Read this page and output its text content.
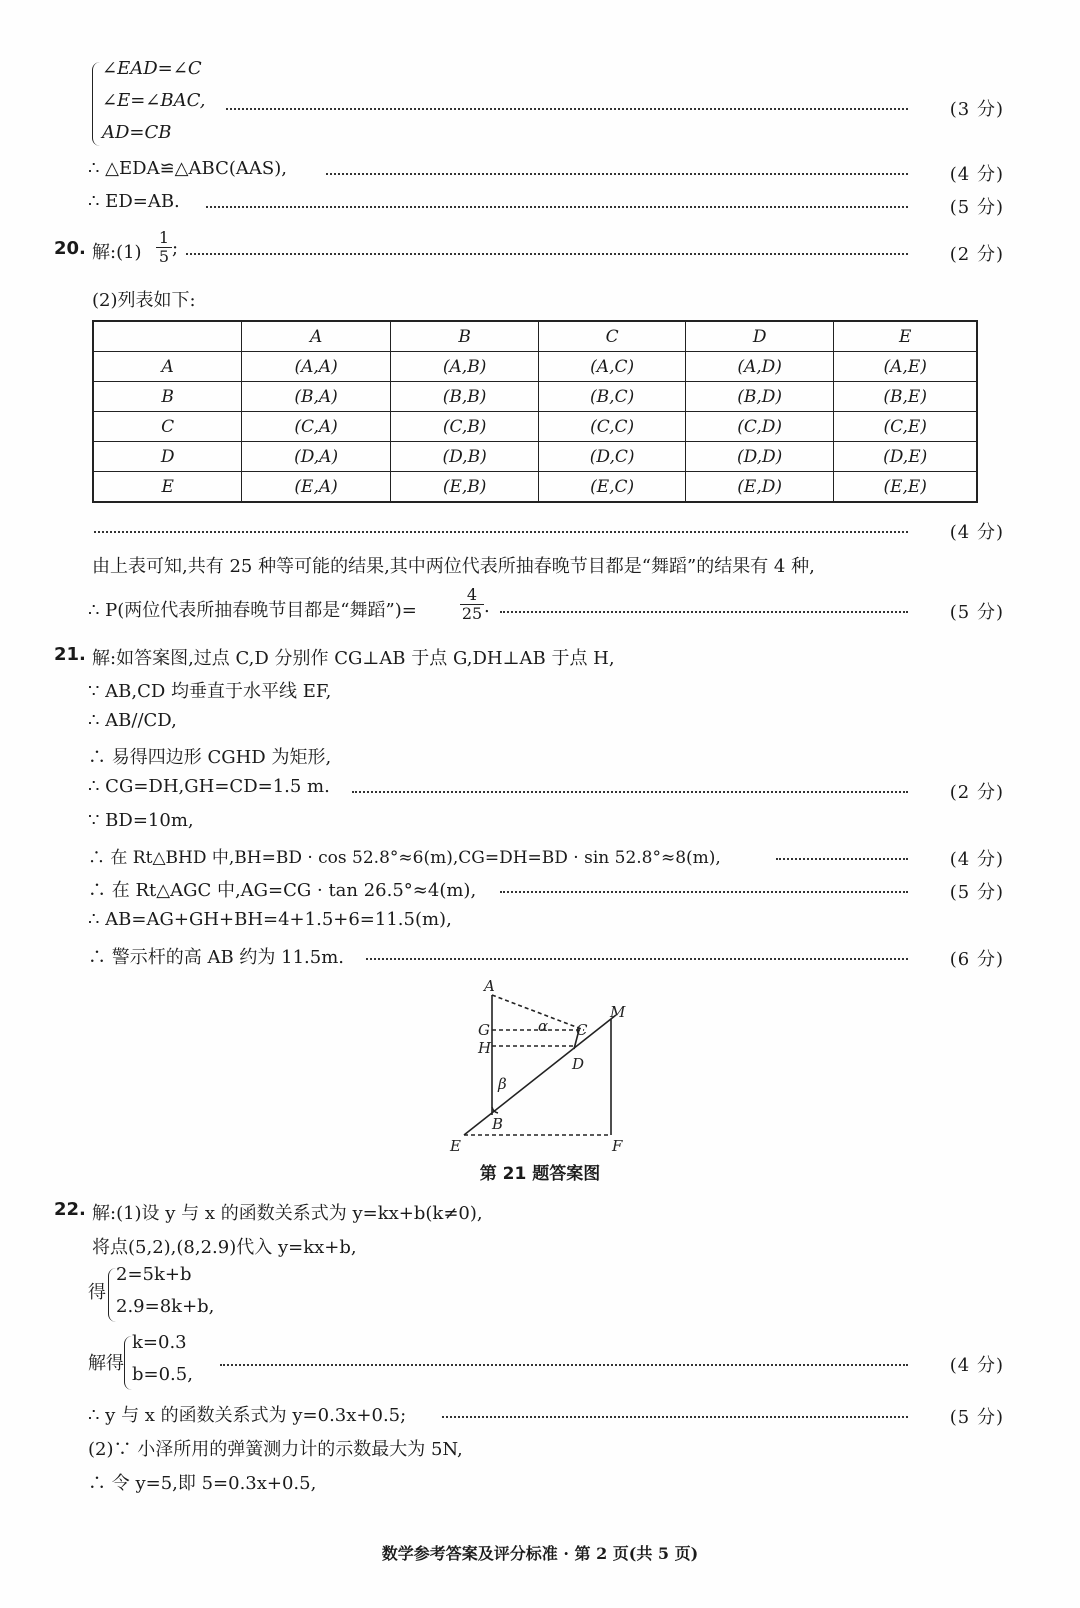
∠EAD=∠C
∠E=∠BAC,
AD=CB
(3 分)
∴ △EDA≌△ABC(AAS),	(4 分)
∴ ED=AB.	(5 分)
20. 解:(1) ;	(2 分)
1
5
(2)列表如下:
	A	B	C	D	E
A	(A,A)	(A,B)	(A,C)	(A,D)	(A,E)
B	(B,A)	(B,B)	(B,C)	(B,D)	(B,E)
C	(C,A)	(C,B)	(C,C)	(C,D)	(C,E)
D	(D,A)	(D,B)	(D,C)	(D,D)	(D,E)
E	(E,A)	(E,B)	(E,C)	(E,D)	(E,E)
(4 分)
由上表可知,共有 25 种等可能的结果,其中两位代表所抽春晚节目都是“舞蹈”的结果有 4 种,
∴ P(两位代表所抽春晚节目都是“舞蹈”)=	.	(5 分)
4
25
21. 解:如答案图,过点 C,D 分别作 CG⊥AB 于点 G,DH⊥AB 于点 H,
∵ AB,CD 均垂直于水平线 EF,
∴ AB//CD,
∴ 易得四边形 CGHD 为矩形,
∴ CG=DH,GH=CD=1.5 m.	(2 分)
∵ BD=10m,
∴ 在 Rt△BHD 中,BH=BD · cos 52.8°≈6(m),CG=DH=BD · sin 52.8°≈8(m),	(4 分)
∴ 在 Rt△AGC 中,AG=CG · tan 26.5°≈4(m),	(5 分)
∴ AB=AG+GH+BH=4+1.5+6=11.5(m),
∴ 警示杆的高 AB 约为 11.5m.	(6 分)
A
G
H
β
B
E	F
M
α C
D
第 21 题答案图
22. 解:(1)设 y 与 x 的函数关系式为 y=kx+b(k≠0),
将点(5,2),(8,2.9)代入 y=kx+b,
得
2=5k+b
2.9=8k+b,
解得	(4 分)
k=0.3
b=0.5,
∴ y 与 x 的函数关系式为 y=0.3x+0.5;	(5 分)
(2)∵ 小泽所用的弹簧测力计的示数最大为 5N,
∴ 令 y=5,即 5=0.3x+0.5,
数学参考答案及评分标准 · 第 2 页(共 5 页)
